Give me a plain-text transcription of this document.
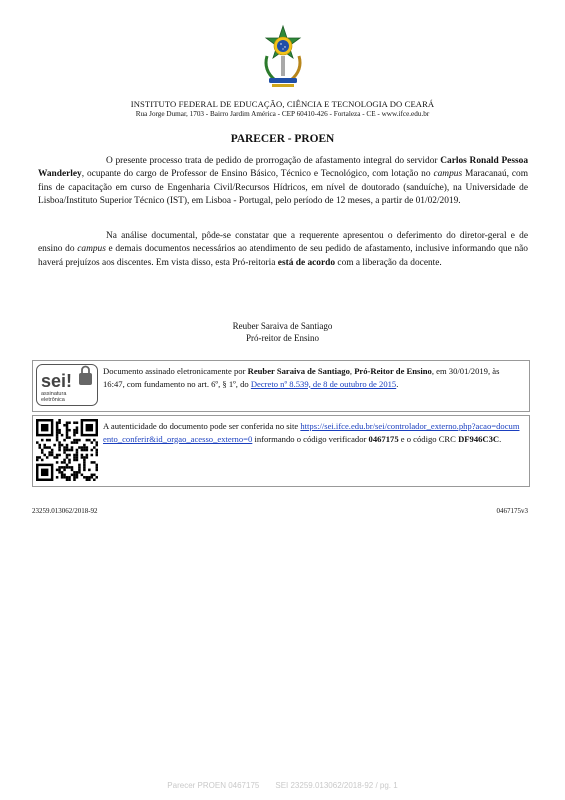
INSTITUTO FEDERAL DE EDUCAÇÃO, CIÊNCIA E TECNOLOGIA DO CEARÁ
Rua Jorge Dumar, 1703 - Bairro Jardim América - CEP 60410-426 - Fortaleza - CE - www.ifce.edu.br
PARECER - PROEN
O presente processo trata de pedido de prorrogação de afastamento integral do servidor Carlos Ronald Pessoa Wanderley, ocupante do cargo de Professor de Ensino Básico, Técnico e Tecnológico, com lotação no campus Maracanaú, com fins de capacitação em curso de Engenharia Civil/Recursos Hídricos, em nível de doutorado (sanduíche), na Universidade de Lisboa/Instituto Superior Técnico (IST), em Lisboa - Portugal, pelo período de 12 meses, a partir de 01/02/2019.
Na análise documental, pôde-se constatar que a requerente apresentou o deferimento do diretor-geral e de ensino do campus e demais documentos necessários ao atendimento de seu pedido de afastamento, inclusive informando que não haverá prejuízos aos discentes. Em vista disso, esta Pró-reitoria está de acordo com a liberação da docente.
Reuber Saraiva de Santiago
Pró-reitor de Ensino
sei!
assinatura
eletrônica
Documento assinado eletronicamente por Reuber Saraiva de Santiago, Pró-Reitor de Ensino, em 30/01/2019, às 16:47, com fundamento no art. 6º, § 1º, do Decreto nº 8.539, de 8 de outubro de 2015.
A autenticidade do documento pode ser conferida no site https://sei.ifce.edu.br/sei/controlador_externo.php?acao=documento_conferir&id_orgao_acesso_externo=0 informando o código verificador 0467175 e o código CRC DF946C3C.
23259.013062/2018-92	0467175v3
Parecer PROEN 0467175 SEI 23259.013062/2018-92 / pg. 1
